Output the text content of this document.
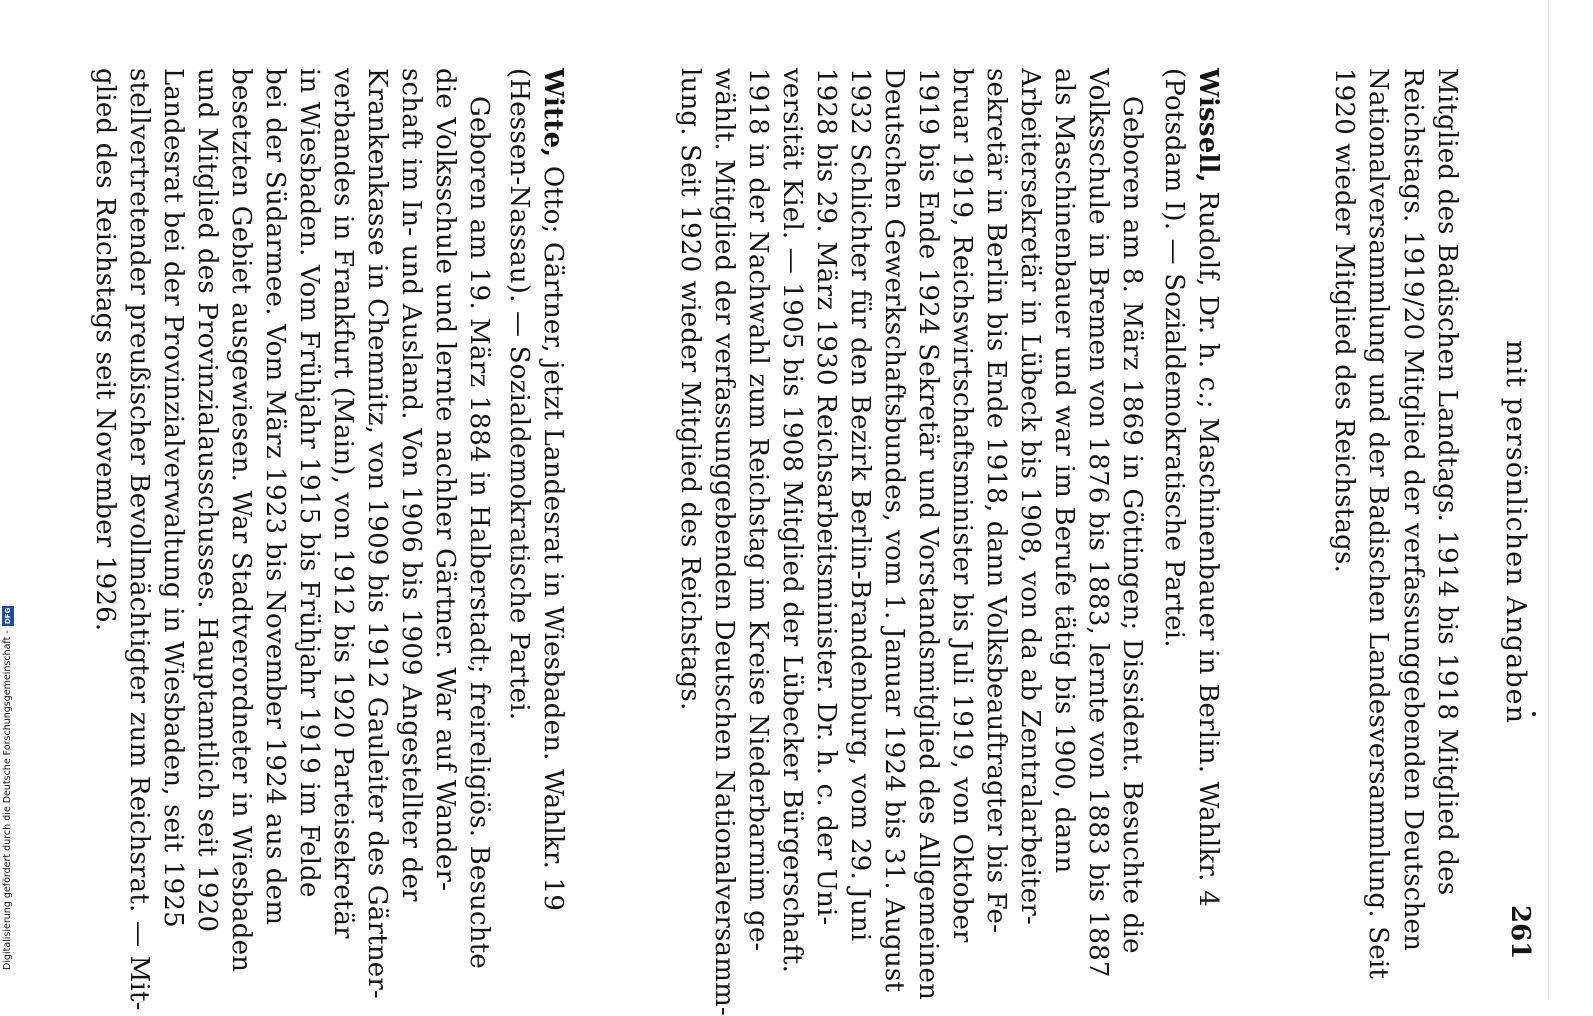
mit persönlichen Angaben
261
Mitglied des Badischen Landtags. 1914 bis 1918 Mitglied des
Reichstags. 1919/20 Mitglied der verfassunggebenden Deutschen
Nationalversammlung und der Badischen Landesversammlung. Seit
1920 wieder Mitglied des Reichstags.
Wissell, Rudolf, Dr. h. c.; Maschinenbauer in Berlin. Wahlkr. 4
(Potsdam I). — Sozialdemokratische Partei.
Geboren am 8. März 1869 in Göttingen; Dissident. Besuchte die
Volksschule in Bremen von 1876 bis 1883, lernte von 1883 bis 1887
als Maschinenbauer und war im Berufe tätig bis 1900, dann
Arbeitersekretär in Lübeck bis 1908, von da ab Zentralarbeiter-
sekretär in Berlin bis Ende 1918, dann Volksbeauftragter bis Fe-
bruar 1919, Reichswirtschaftsminister bis Juli 1919, von Oktober
1919 bis Ende 1924 Sekretär und Vorstandsmitglied des Allgemeinen
Deutschen Gewerkschaftsbundes, vom 1. Januar 1924 bis 31. August
1932 Schlichter für den Bezirk Berlin-Brandenburg, vom 29. Juni
1928 bis 29. März 1930 Reichsarbeitsminister. Dr. h. c. der Uni-
versität Kiel. — 1905 bis 1908 Mitglied der Lübecker Bürgerschaft.
1918 in der Nachwahl zum Reichstag im Kreise Niederbarnim ge-
wählt. Mitglied der verfassunggebenden Deutschen Nationalversamm-
lung. Seit 1920 wieder Mitglied des Reichstags.
Witte, Otto; Gärtner, jetzt Landesrat in Wiesbaden. Wahlkr. 19
(Hessen-Nassau). — Sozialdemokratische Partei.
Geboren am 19. März 1884 in Halberstadt; freireligiös. Besuchte
die Volksschule und lernte nachher Gärtner. War auf Wander-
schaft im In- und Ausland. Von 1906 bis 1909 Angestellter der
Krankenkasse in Chemnitz, von 1909 bis 1912 Gauleiter des Gärtner-
verbandes in Frankfurt (Main), von 1912 bis 1920 Parteisekretär
in Wiesbaden. Vom Frühjahr 1915 bis Frühjahr 1919 im Felde
bei der Südarmee. Vom März 1923 bis November 1924 aus dem
besetzten Gebiet ausgewiesen. War Stadtverordneter in Wiesbaden
und Mitglied des Provinzialausschusses. Hauptamtlich seit 1920
Landesrat bei der Provinzialverwaltung in Wiesbaden, seit 1925
stellvertretender preußischer Bevollmächtigter zum Reichsrat. — Mit-
glied des Reichstags seit November 1926.
Digitalisierung gefördert durch die Deutsche Forschungsgemeinschaft -
DFG
